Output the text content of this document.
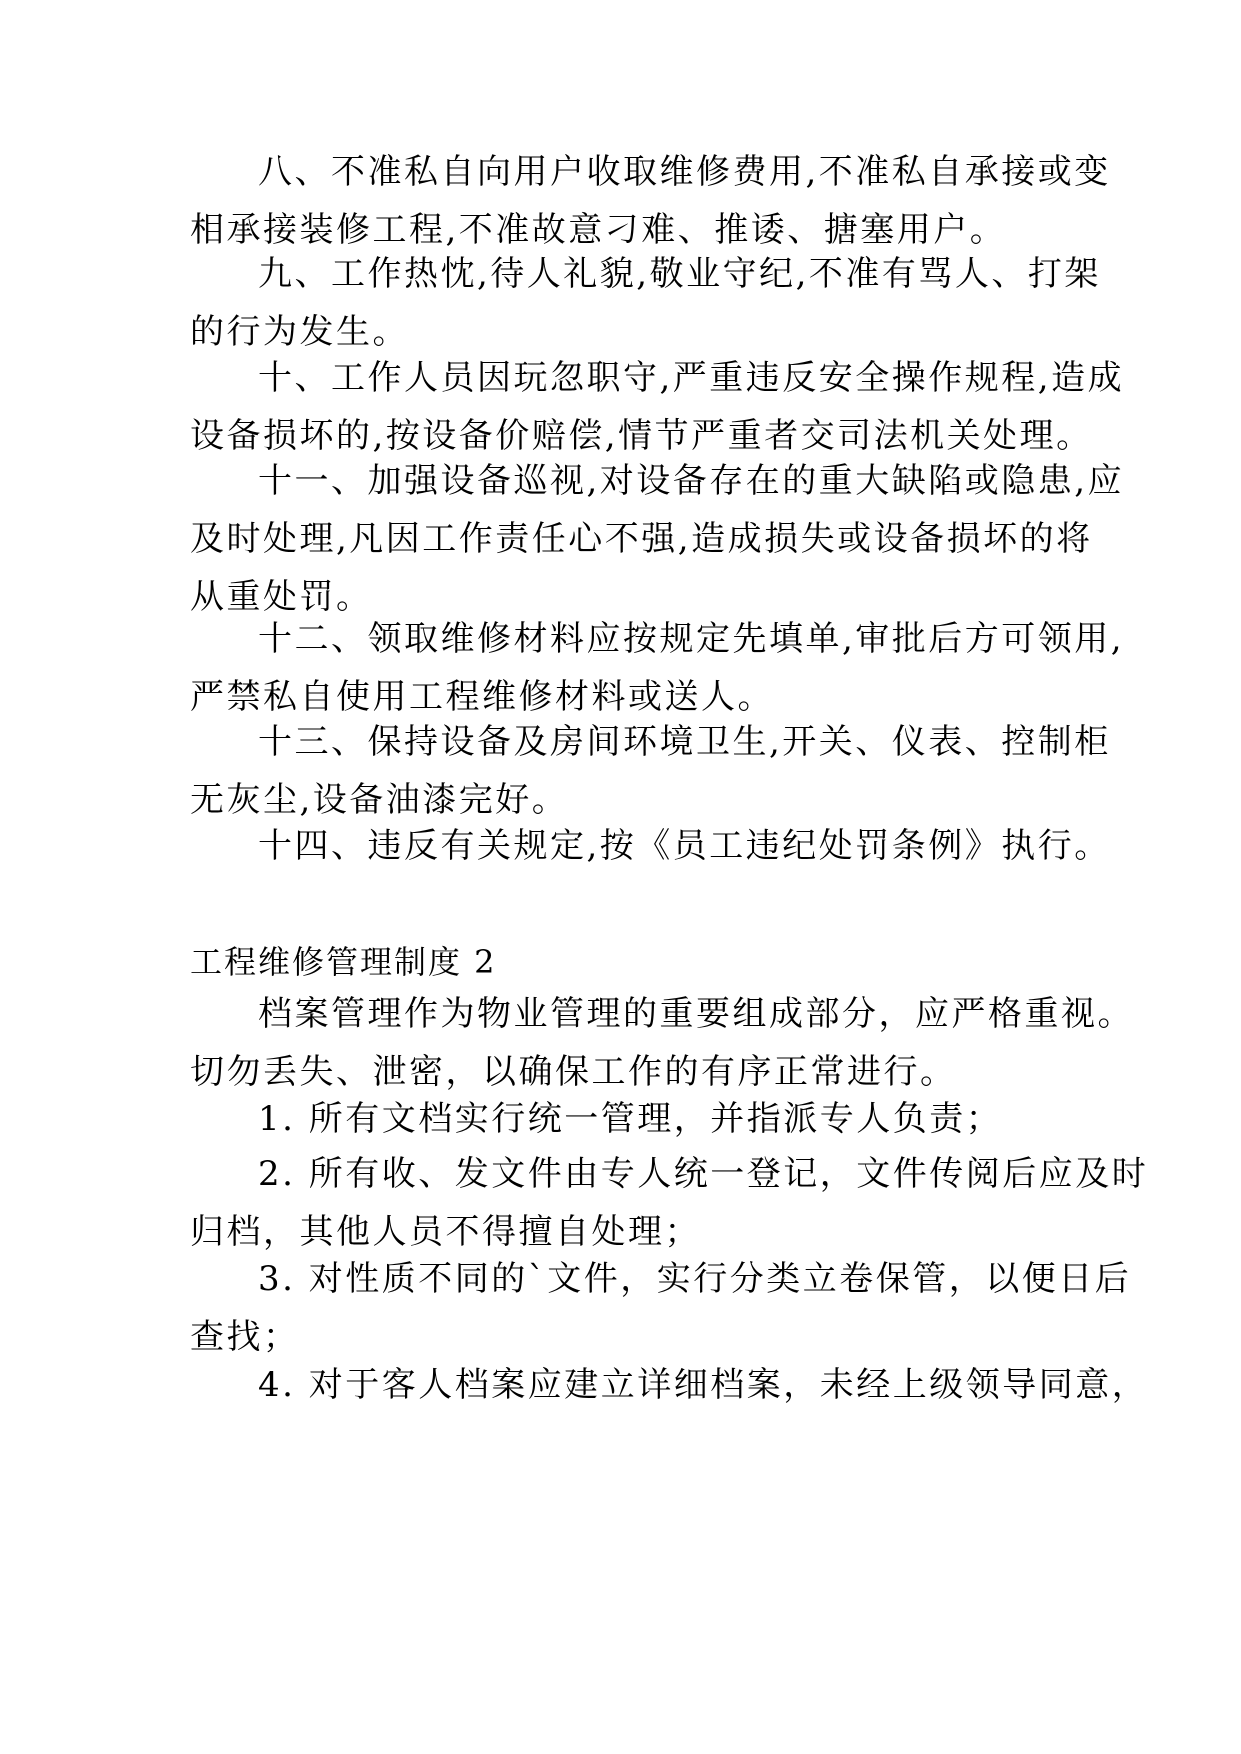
八、不准私自向用户收取维修费用,不准私自承接或变
相承接装修工程,不准故意刁难、推诿、搪塞用户。

九、工作热忱,待人礼貌,敬业守纪,不准有骂人、打架
的行为发生。

十、工作人员因玩忽职守,严重违反安全操作规程,造成
设备损坏的,按设备价赔偿,情节严重者交司法机关处理。

十一、加强设备巡视,对设备存在的重大缺陷或隐患,应
及时处理,凡因工作责任心不强,造成损失或设备损坏的将
从重处罚。

十二、领取维修材料应按规定先填单,审批后方可领用,
严禁私自使用工程维修材料或送人。

十三、保持设备及房间环境卫生,开关、仪表、控制柜
无灰尘,设备油漆完好。

十四、违反有关规定,按《员工违纪处罚条例》执行。

工程维修管理制度 2

档案管理作为物业管理的重要组成部分，应严格重视。
切勿丢失、泄密，以确保工作的有序正常进行。

1. 所有文档实行统一管理，并指派专人负责；

2. 所有收、发文件由专人统一登记，文件传阅后应及时
归档，其他人员不得擅自处理；

3. 对性质不同的`文件，实行分类立卷保管，以便日后
查找；

4. 对于客人档案应建立详细档案，未经上级领导同意，
